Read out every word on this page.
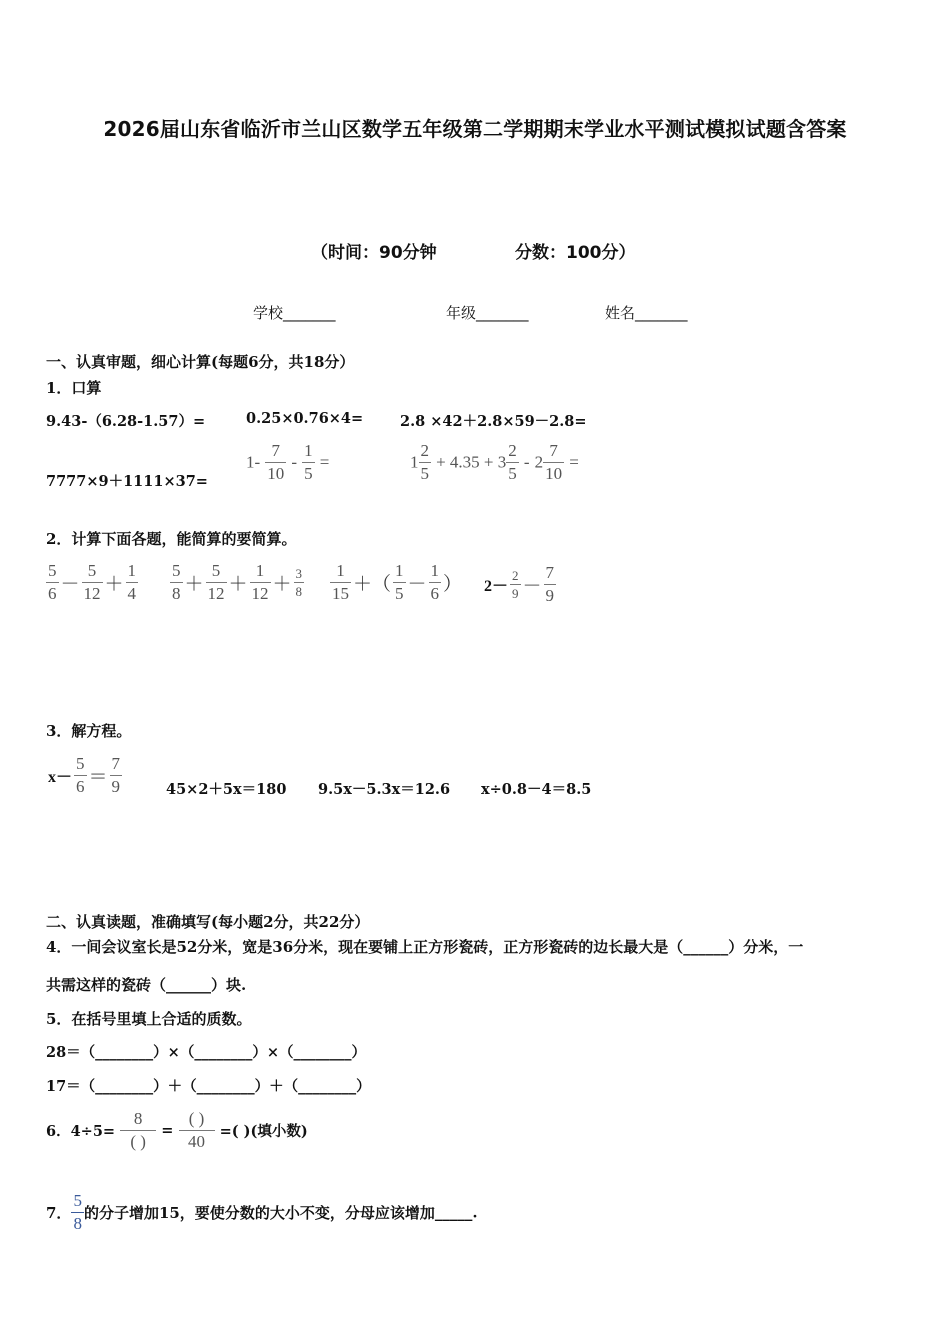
2026届山东省临沂市兰山区数学五年级第二学期期末学业水平测试模拟试题含答案
（时间：90分钟	分数：100分）
学校_______	年级_______	姓名_______
一、认真审题，细心计算(每题6分，共18分）
1．口算
9.43-（6.28-1.57）=	0.25×0.76×4=	2.8 ×42＋2.8×59－2.8=
7777×9＋1111×37=
$1- \frac{7}{10} - \frac{1}{5}$ =	$1 \frac{2}{5} + 4.35 + 3 \frac{2}{5} - 2 \frac{7}{10}$ =
2．计算下面各题，能简算的要简算。
$\frac{5}{6} - \frac{5}{12} + \frac{1}{4} \frac{5}{8} + \frac{5}{12} + \frac{1}{12} + \frac{3}{8} \frac{1}{15}$ ＋（ $\frac{1}{5} - \frac{1}{6}$ ） $2- \frac{2}{9} - \frac{7}{9}$
3．解方程。
$x- \frac{5}{6} = \frac{7}{9}$	45×2＋5x＝180 9.5x－5.3x＝12.6 x÷0.8－4＝8.5
二、认真读题，准确填写(每小题2分，共22分）
4．一间会议室长是52分米，宽是36分米，现在要铺上正方形瓷砖，正方形瓷砖的边长最大是（______）分米，一
共需这样的瓷砖（______）块.
5．在括号里填上合适的质数。
28＝（________）×（________）×（________）
17＝（________）＋（________）＋（________）
6．$4\div 5= \frac{8}{( )} = \frac{( )}{40}$ =( )(填小数)
7． $\frac{5}{8}$ 的分子增加15，要使分数的大小不变，分母应该增加_____.
